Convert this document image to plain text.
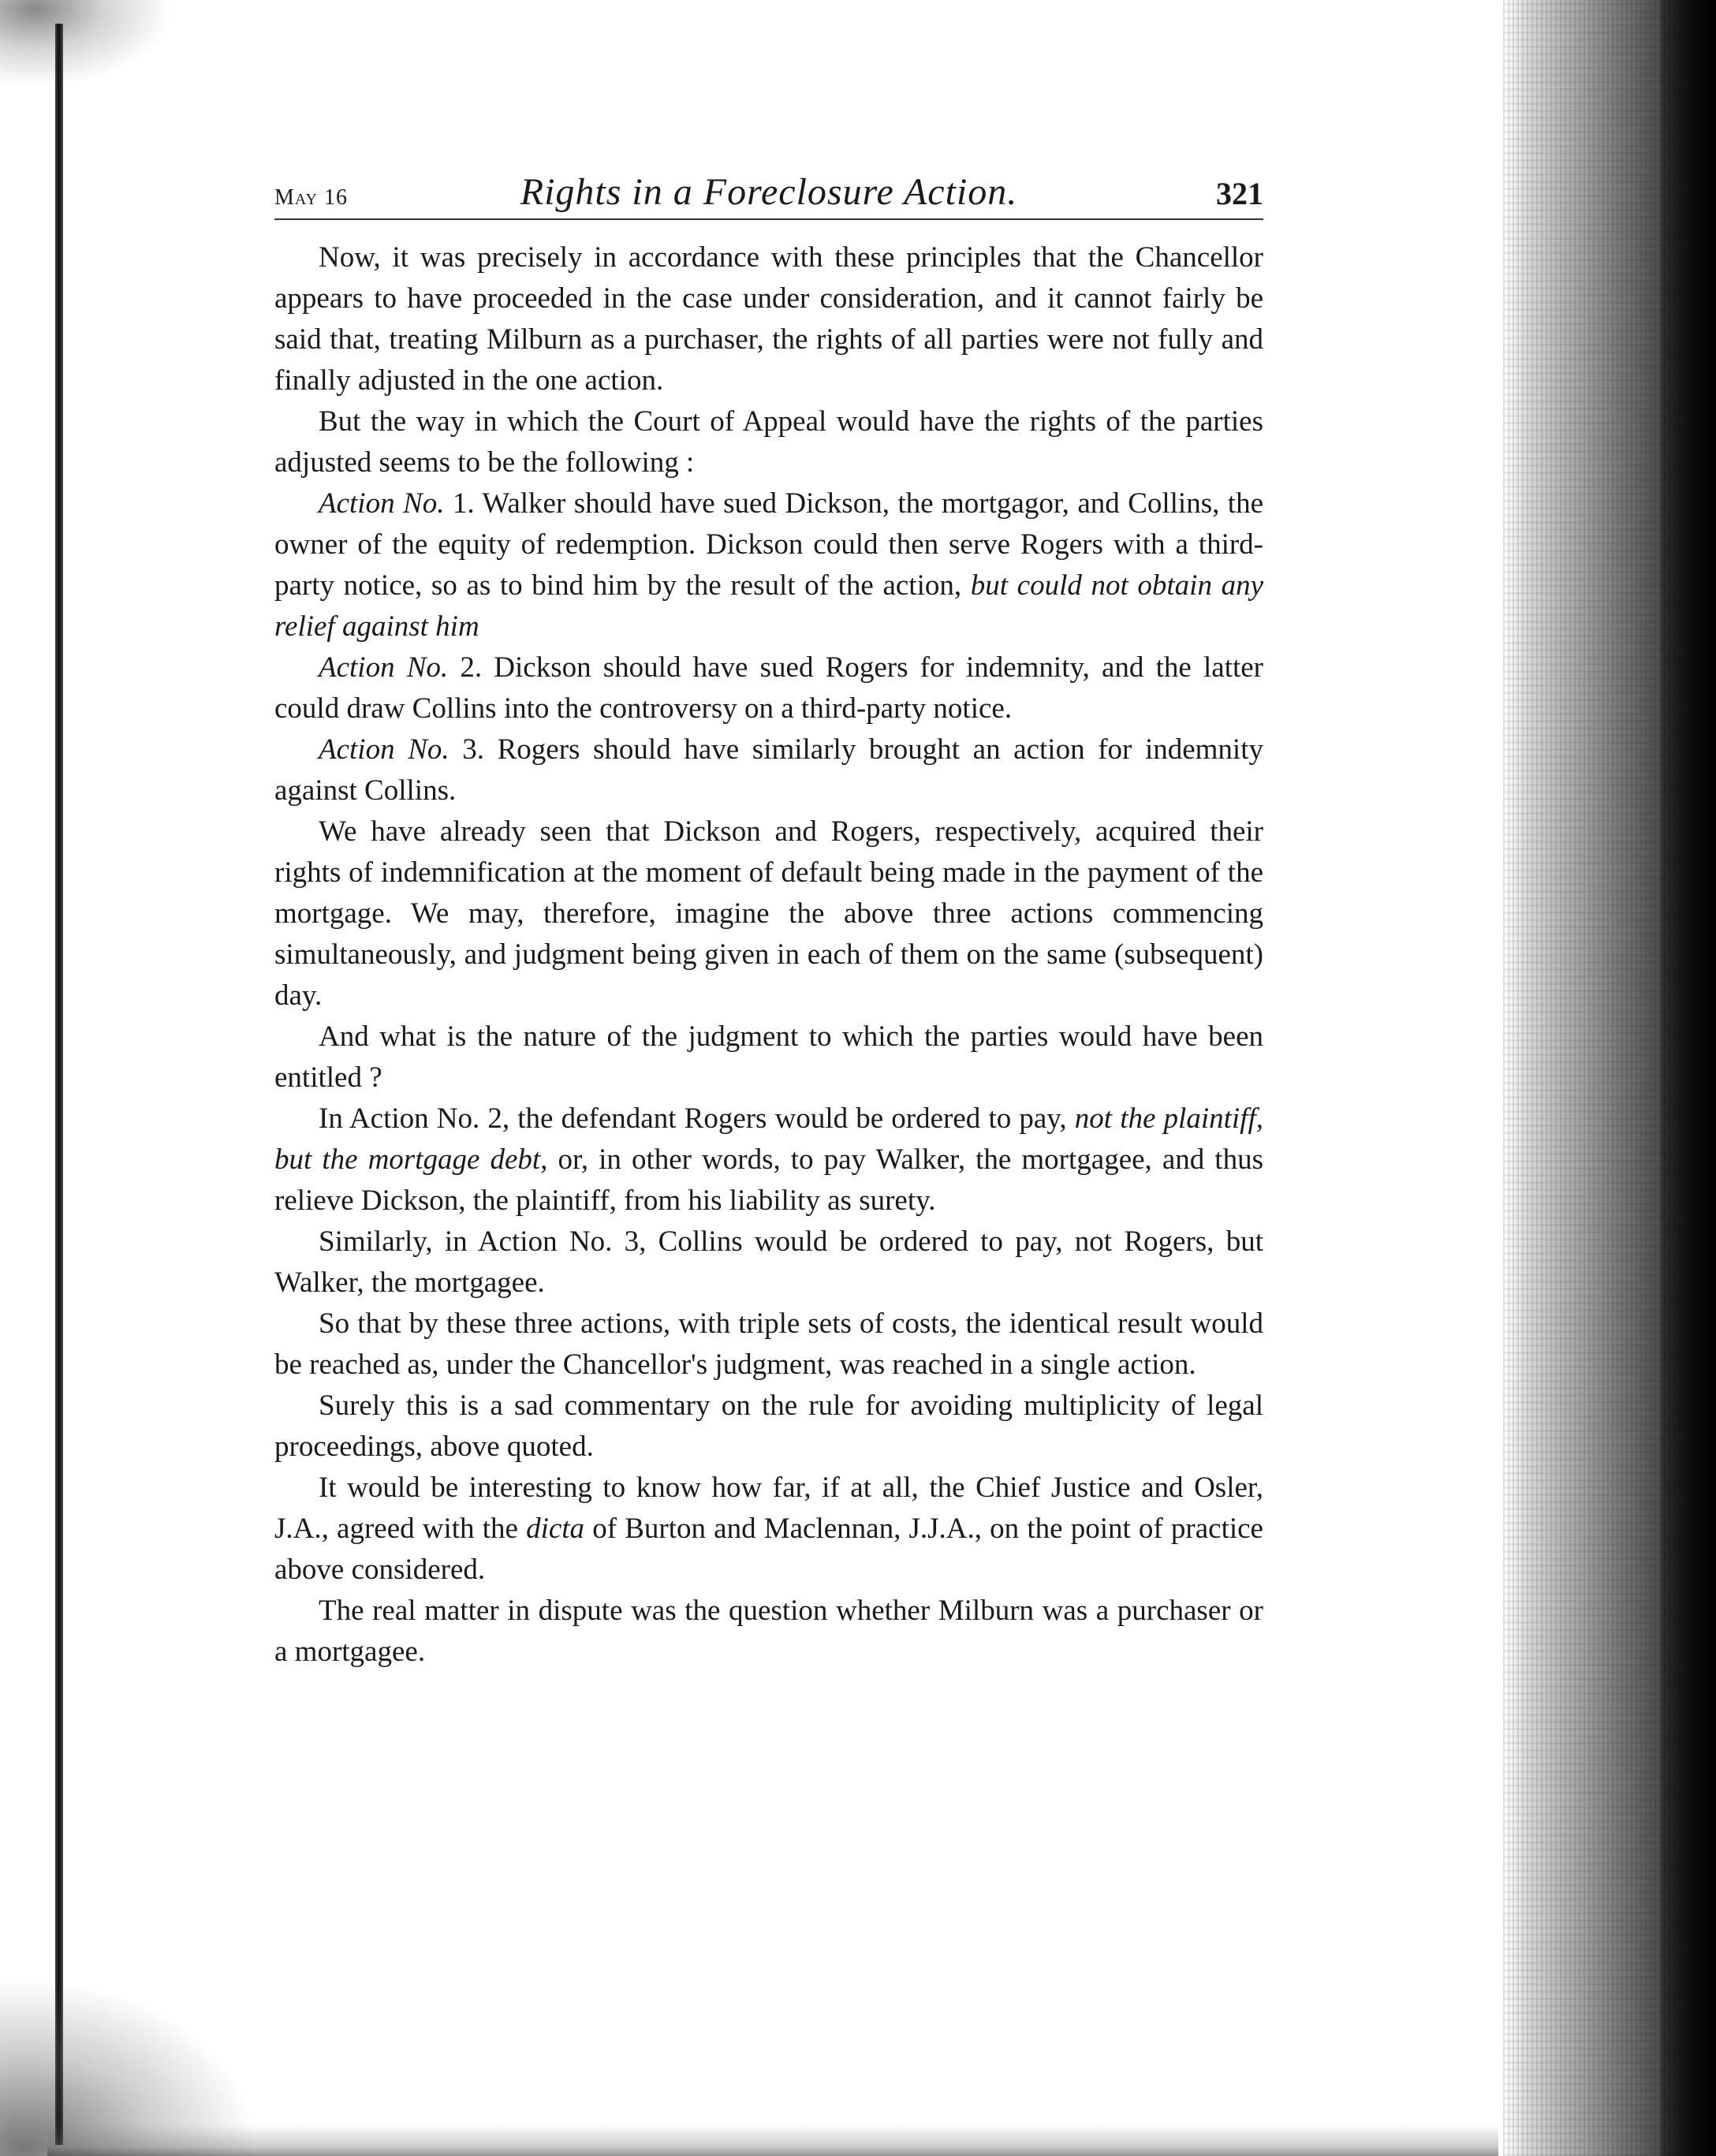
May 16	Rights in a Foreclosure Action.	321

Now, it was precisely in accordance with these principles that the Chancellor appears to have proceeded in the case under consideration, and it cannot fairly be said that, treating Milburn as a purchaser, the rights of all parties were not fully and finally adjusted in the one action.

But the way in which the Court of Appeal would have the rights of the parties adjusted seems to be the following :

Action No. 1. Walker should have sued Dickson, the mortgagor, and Collins, the owner of the equity of redemption. Dickson could then serve Rogers with a third-party notice, so as to bind him by the result of the action, but could not obtain any relief against him

Action No. 2. Dickson should have sued Rogers for indemnity, and the latter could draw Collins into the controversy on a third-party notice.

Action No. 3. Rogers should have similarly brought an action for indemnity against Collins.

We have already seen that Dickson and Rogers, respectively, acquired their rights of indemnification at the moment of default being made in the payment of the mortgage. We may, therefore, imagine the above three actions commencing simultaneously, and judgment being given in each of them on the same (subsequent) day.

And what is the nature of the judgment to which the parties would have been entitled ?

In Action No. 2, the defendant Rogers would be ordered to pay, not the plaintiff, but the mortgage debt, or, in other words, to pay Walker, the mortgagee, and thus relieve Dickson, the plaintiff, from his liability as surety.

Similarly, in Action No. 3, Collins would be ordered to pay, not Rogers, but Walker, the mortgagee.

So that by these three actions, with triple sets of costs, the identical result would be reached as, under the Chancellor's judgment, was reached in a single action.

Surely this is a sad commentary on the rule for avoiding multiplicity of legal proceedings, above quoted.

It would be interesting to know how far, if at all, the Chief Justice and Osler, J.A., agreed with the dicta of Burton and Maclennan, J.J.A., on the point of practice above considered.

The real matter in dispute was the question whether Milburn was a purchaser or a mortgagee.
